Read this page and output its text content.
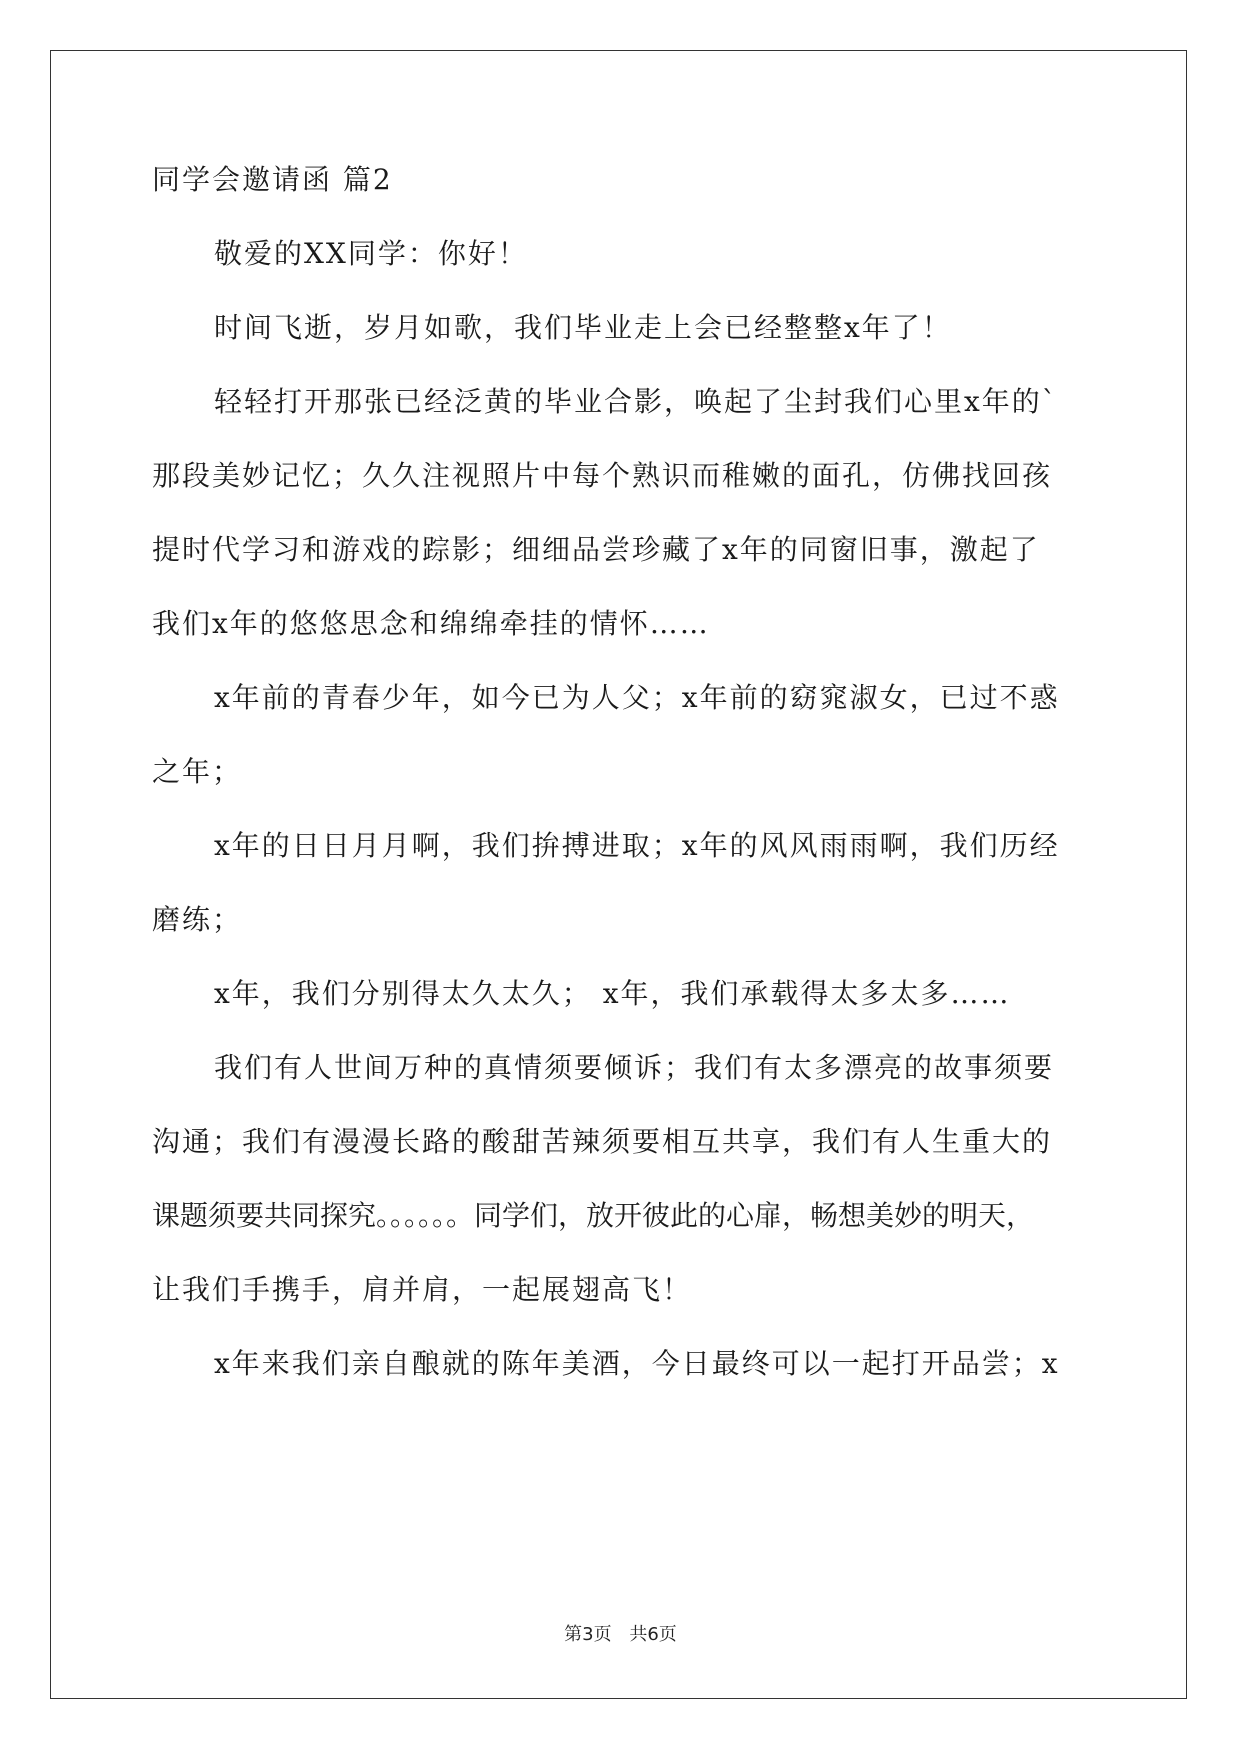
同学会邀请函 篇2
敬爱的XX同学：你好！
时间飞逝，岁月如歌，我们毕业走上会已经整整x年了！
轻轻打开那张已经泛黄的毕业合影，唤起了尘封我们心里x年的`
那段美妙记忆；久久注视照片中每个熟识而稚嫩的面孔，仿佛找回孩
提时代学习和游戏的踪影；细细品尝珍藏了x年的同窗旧事，激起了
我们x年的悠悠思念和绵绵牵挂的情怀……
x年前的青春少年，如今已为人父；x年前的窈窕淑女，已过不惑
之年；
x年的日日月月啊，我们拚搏进取；x年的风风雨雨啊，我们历经
磨练；
x年，我们分别得太久太久； x年，我们承载得太多太多……
我们有人世间万种的真情须要倾诉；我们有太多漂亮的故事须要
沟通；我们有漫漫长路的酸甜苦辣须要相互共享，我们有人生重大的
课题须要共同探究。。。。。。同学们，放开彼此的心扉，畅想美妙的明天，
让我们手携手，肩并肩，一起展翅高飞！
x年来我们亲自酿就的陈年美酒，今日最终可以一起打开品尝；x
第3页 共6页
